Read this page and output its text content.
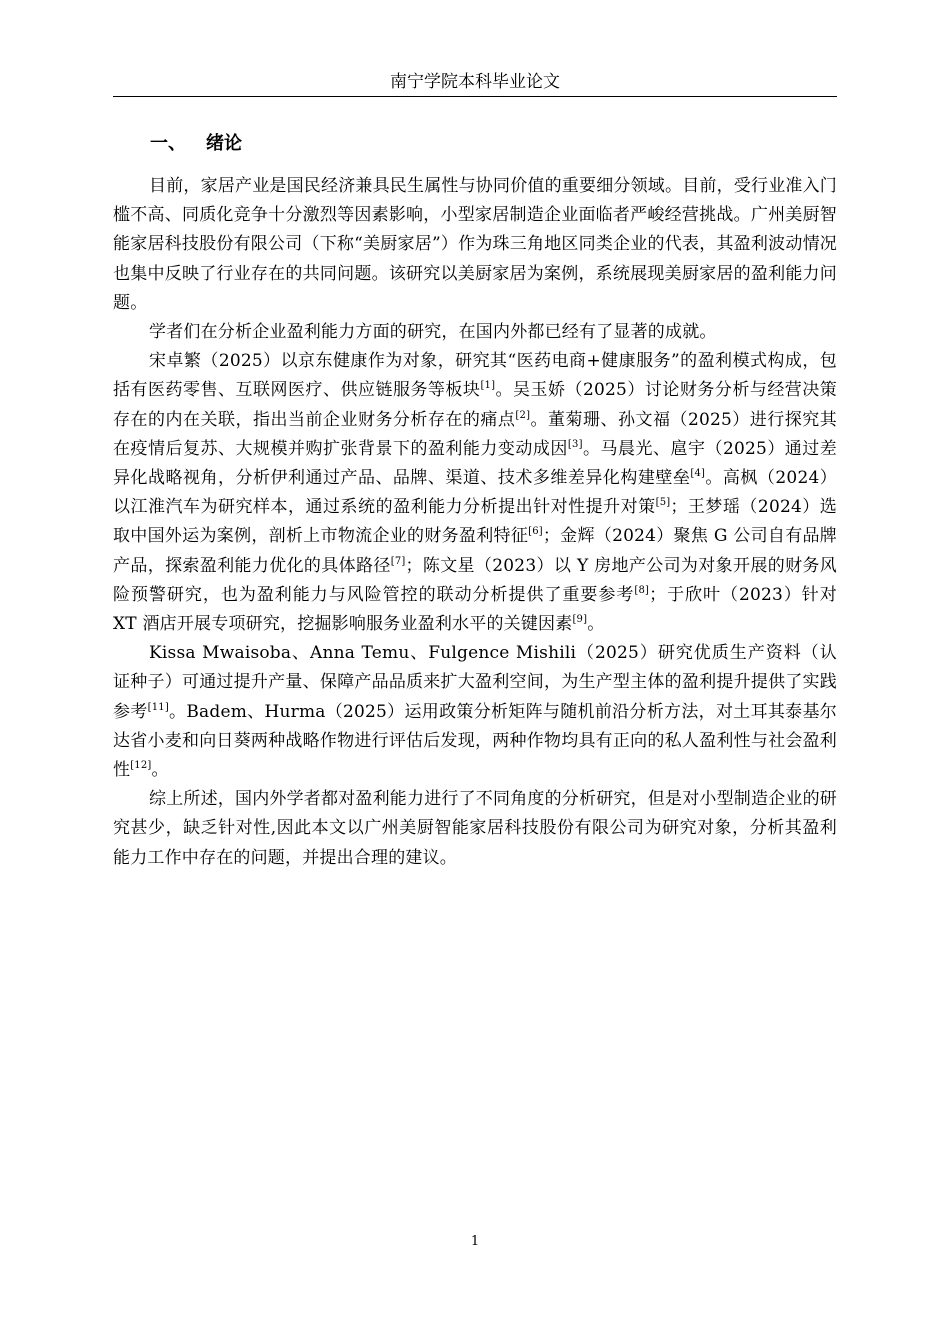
南宁学院本科毕业论文
一、 绪论

目前，家居产业是国民经济兼具民生属性与协同价值的重要细分领域。目前，受行业准入门槛不高、同质化竞争十分激烈等因素影响，小型家居制造企业面临者严峻经营挑战。广州美厨智能家居科技股份有限公司（下称“美厨家居”）作为珠三角地区同类企业的代表，其盈利波动情况也集中反映了行业存在的共同问题。该研究以美厨家居为案例，系统展现美厨家居的盈利能力问题。

学者们在分析企业盈利能力方面的研究，在国内外都已经有了显著的成就。

宋卓繁（2025）以京东健康作为对象，研究其“医药电商+健康服务”的盈利模式构成，包括有医药零售、互联网医疗、供应链服务等板块[1]。吴玉娇（2025）讨论财务分析与经营决策存在的内在关联，指出当前企业财务分析存在的痛点[2]。董菊珊、孙文福（2025）进行探究其在疫情后复苏、大规模并购扩张背景下的盈利能力变动成因[3]。马晨光、扈宇（2025）通过差异化战略视角，分析伊利通过产品、品牌、渠道、技术多维差异化构建壁垒[4]。高枫（2024）以江淮汽车为研究样本，通过系统的盈利能力分析提出针对性提升对策[5]；王梦瑶（2024）选取中国外运为案例，剖析上市物流企业的财务盈利特征[6]；金辉（2024）聚焦 G 公司自有品牌产品，探索盈利能力优化的具体路径[7]；陈文星（2023）以 Y 房地产公司为对象开展的财务风险预警研究，也为盈利能力与风险管控的联动分析提供了重要参考[8]；于欣叶（2023）针对 XT 酒店开展专项研究，挖掘影响服务业盈利水平的关键因素[9]。

Kissa Mwaisoba、Anna Temu、Fulgence Mishili（2025）研究优质生产资料（认证种子）可通过提升产量、保障产品品质来扩大盈利空间，为生产型主体的盈利提升提供了实践参考[11]。Badem、Hurma（2025）运用政策分析矩阵与随机前沿分析方法，对土耳其泰基尔达省小麦和向日葵两种战略作物进行评估后发现，两种作物均具有正向的私人盈利性与社会盈利性[12]。

综上所述，国内外学者都对盈利能力进行了不同角度的分析研究，但是对小型制造企业的研究甚少，缺乏针对性,因此本文以广州美厨智能家居科技股份有限公司为研究对象，分析其盈利能力工作中存在的问题，并提出合理的建议。

1
